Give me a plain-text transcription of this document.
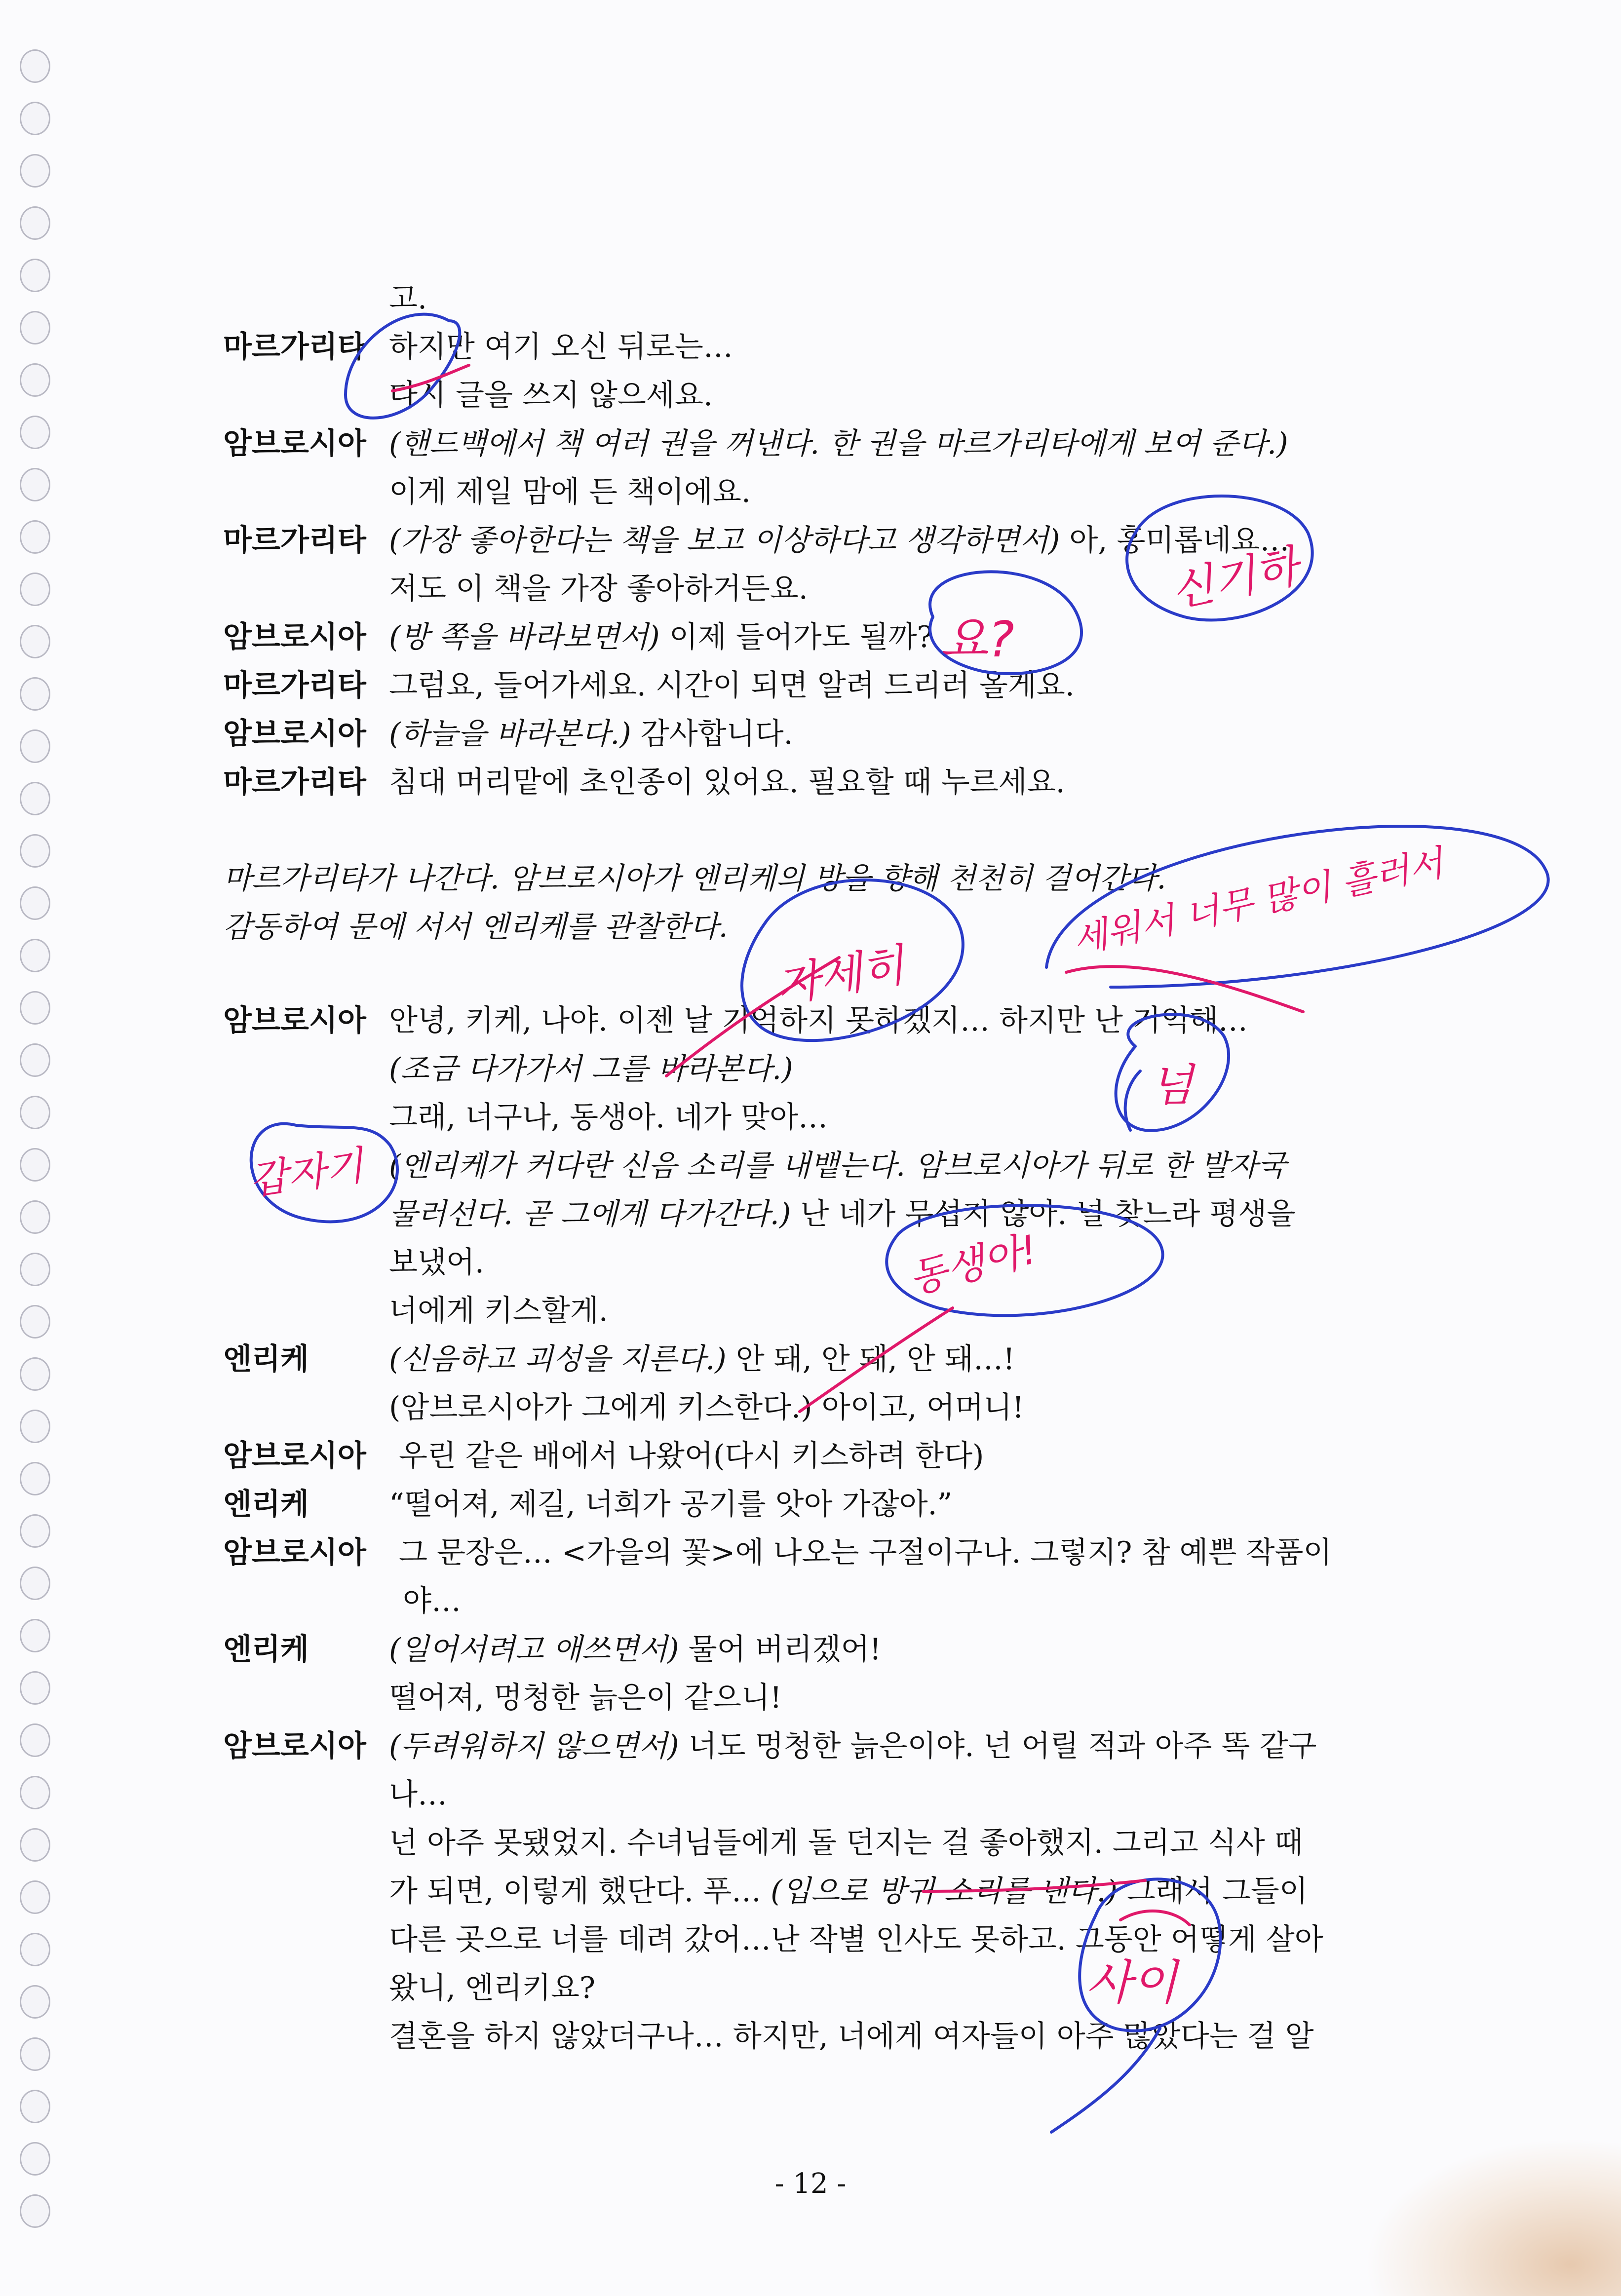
고.
마르가리타 하지만 여기 오신 뒤로는…
다시 글을 쓰지 않으세요.
암브로시아 (핸드백에서 책 여러 권을 꺼낸다. 한 권을 마르가리타에게 보여 준다.)
이게 제일 맘에 든 책이에요.
마르가리타 (가장 좋아한다는 책을 보고 이상하다고 생각하면서) 아, 흥미롭네요…
저도 이 책을 가장 좋아하거든요.
암브로시아 (방 쪽을 바라보면서) 이제 들어가도 될까?
마르가리타 그럼요, 들어가세요. 시간이 되면 알려 드리러 올게요.
암브로시아 (하늘을 바라본다.) 감사합니다.
마르가리타 침대 머리맡에 초인종이 있어요. 필요할 때 누르세요.
마르가리타가 나간다. 암브로시아가 엔리케의 방을 향해 천천히 걸어간다.
감동하여 문에 서서 엔리케를 관찰한다.
암브로시아 안녕, 키케, 나야. 이젠 날 기억하지 못하겠지… 하지만 난 기억해…
(조금 다가가서 그를 바라본다.)
그래, 너구나, 동생아. 네가 맞아…
(엔리케가 커다란 신음 소리를 내뱉는다. 암브로시아가 뒤로 한 발자국
물러선다. 곧 그에게 다가간다.) 난 네가 무섭지 않아. 널 찾느라 평생을
보냈어.
너에게 키스할게.
엔리케	(신음하고 괴성을 지른다.) 안 돼, 안 돼, 안 돼…!
(암브로시아가 그에게 키스한다.) 아이고, 어머니!
암브로시아 우린 같은 배에서 나왔어(다시 키스하려 한다)
엔리케	“떨어져, 제길, 너희가 공기를 앗아 가잖아.”
암브로시아 그 문장은… <가을의 꽃>에 나오는 구절이구나. 그렇지? 참 예쁜 작품이
야…
엔리케	(일어서려고 애쓰면서) 물어 버리겠어!
떨어져, 멍청한 늙은이 같으니!
암브로시아 (두려워하지 않으면서) 너도 멍청한 늙은이야. 넌 어릴 적과 아주 똑 같구
나…
넌 아주 못됐었지. 수녀님들에게 돌 던지는 걸 좋아했지. 그리고 식사 때
가 되면, 이렇게 했단다. 푸… (입으로 방귀 소리를 낸다.) 그래서 그들이
다른 곳으로 너를 데려 갔어…난 작별 인사도 못하고. 그동안 어떻게 살아
왔니, 엔리키요?
결혼을 하지 않았더구나… 하지만, 너에게 여자들이 아주 많았다는 걸 알
- 12 -
요?
신기하
자세히
세워서 너무 많이 흘러서
넘
갑자기
동생아!
사이
